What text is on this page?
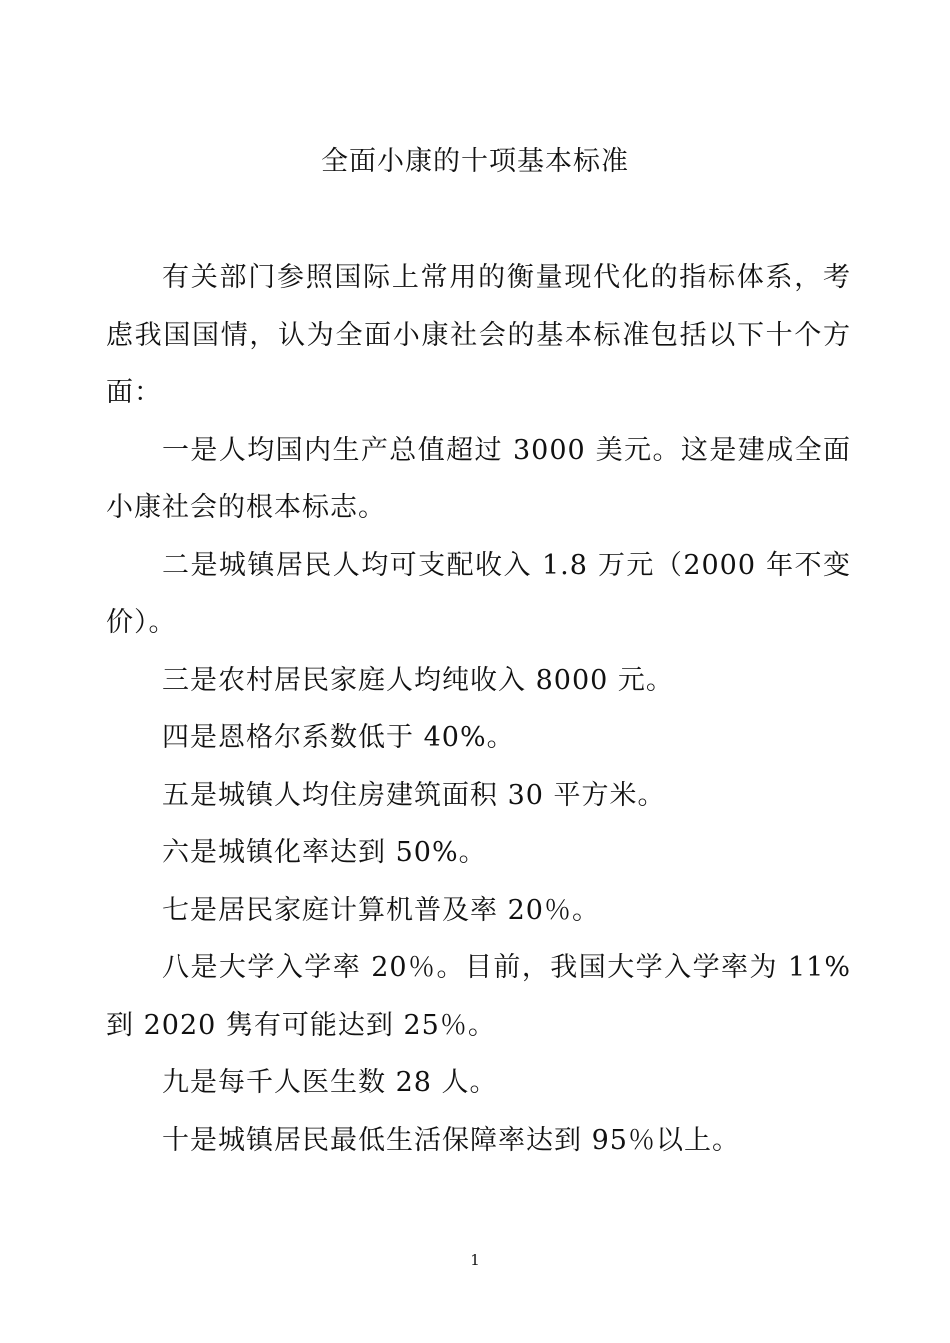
全面小康的十项基本标准

有关部门参照国际上常用的衡量现代化的指标体系，考虑我国国情，认为全面小康社会的基本标准包括以下十个方面：

一是人均国内生产总值超过 3000 美元。这是建成全面小康社会的根本标志。

二是城镇居民人均可支配收入 1.8 万元（2000 年不变价）。

三是农村居民家庭人均纯收入 8000 元。

四是恩格尔系数低于 40%。

五是城镇人均住房建筑面积 30 平方米。

六是城镇化率达到 50%。

七是居民家庭计算机普及率 20％。

八是大学入学率 20％。目前，我国大学入学率为 11% 到 2020 隽有可能达到 25％。

九是每千人医生数 28 人。

十是城镇居民最低生活保障率达到 95％以上。

1
